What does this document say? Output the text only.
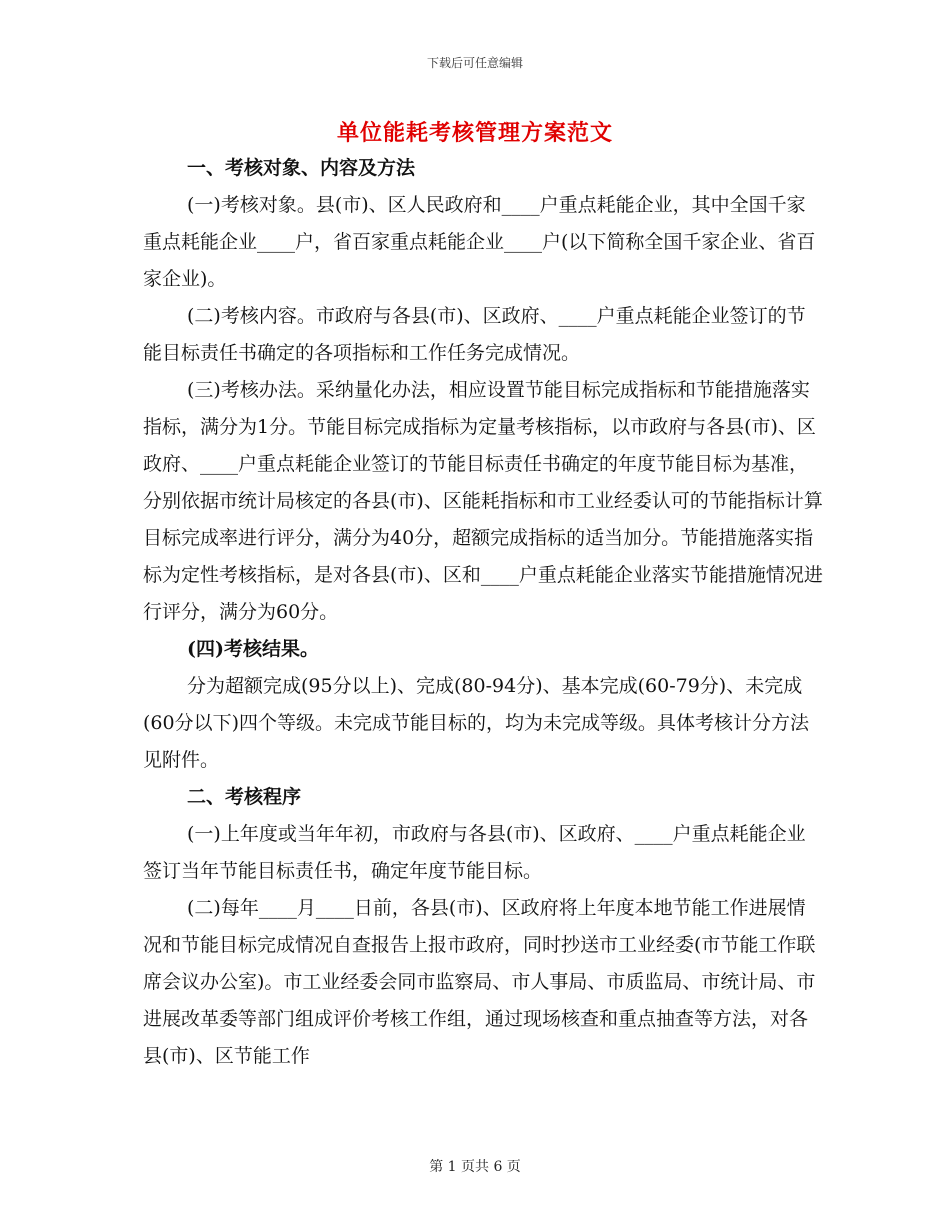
下载后可任意编辑
单位能耗考核管理方案范文

一、考核对象、内容及方法

(一)考核对象。县(市)、区人民政府和____户重点耗能企业，其中全国千家重点耗能企业____户，省百家重点耗能企业____户(以下简称全国千家企业、省百家企业)。

(二)考核内容。市政府与各县(市)、区政府、____户重点耗能企业签订的节能目标责任书确定的各项指标和工作任务完成情况。

(三)考核办法。采纳量化办法，相应设置节能目标完成指标和节能措施落实指标，满分为1分。节能目标完成指标为定量考核指标，以市政府与各县(市)、区政府、____户重点耗能企业签订的节能目标责任书确定的年度节能目标为基准，分别依据市统计局核定的各县(市)、区能耗指标和市工业经委认可的节能指标计算目标完成率进行评分，满分为40分，超额完成指标的适当加分。节能措施落实指标为定性考核指标，是对各县(市)、区和____户重点耗能企业落实节能措施情况进行评分，满分为60分。

(四)考核结果。

分为超额完成(95分以上)、完成(80-94分)、基本完成(60-79分)、未完成(60分以下)四个等级。未完成节能目标的，均为未完成等级。具体考核计分方法见附件。

二、考核程序

(一)上年度或当年年初，市政府与各县(市)、区政府、____户重点耗能企业签订当年节能目标责任书，确定年度节能目标。

(二)每年____月____日前，各县(市)、区政府将上年度本地节能工作进展情况和节能目标完成情况自查报告上报市政府，同时抄送市工业经委(市节能工作联席会议办公室)。市工业经委会同市监察局、市人事局、市质监局、市统计局、市进展改革委等部门组成评价考核工作组，通过现场核查和重点抽查等方法，对各县(市)、区节能工作

第 1 页共 6 页
